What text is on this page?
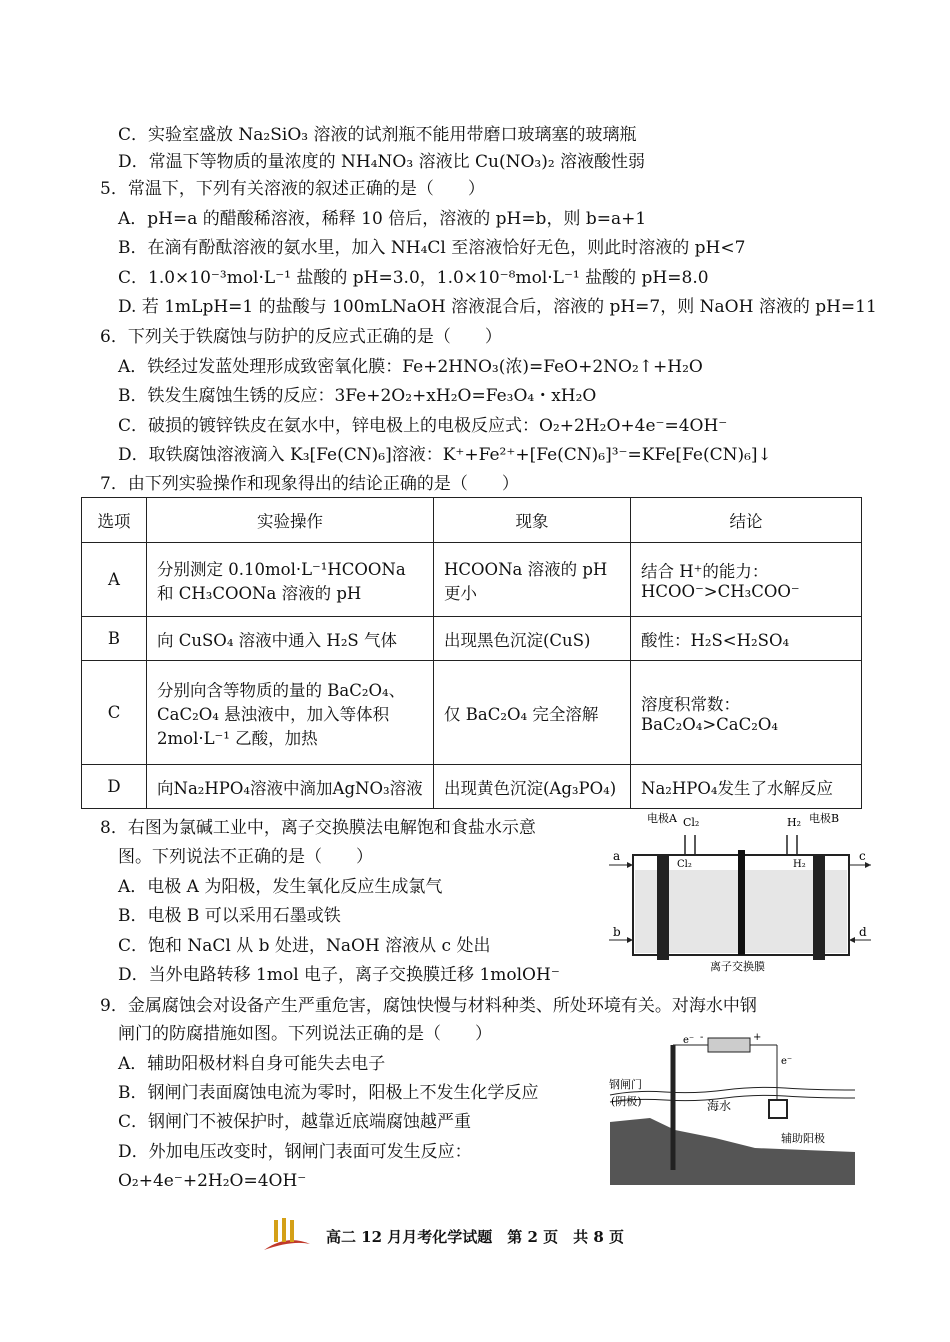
C．实验室盛放 Na₂SiO₃ 溶液的试剂瓶不能用带磨口玻璃塞的玻璃瓶
D．常温下等物质的量浓度的 NH₄NO₃ 溶液比 Cu(NO₃)₂ 溶液酸性弱
5．常温下，下列有关溶液的叙述正确的是（　　）
A．pH=a 的醋酸稀溶液，稀释 10 倍后，溶液的 pH=b，则 b=a+1
B．在滴有酚酞溶液的氨水里，加入 NH₄Cl 至溶液恰好无色，则此时溶液的 pH<7
C．1.0×10⁻³mol·L⁻¹ 盐酸的 pH=3.0，1.0×10⁻⁸mol·L⁻¹ 盐酸的 pH=8.0
D. 若 1mLpH=1 的盐酸与 100mLNaOH 溶液混合后，溶液的 pH=7，则 NaOH 溶液的 pH=11
6．下列关于铁腐蚀与防护的反应式正确的是（　　）
A．铁经过发蓝处理形成致密氧化膜：Fe+2HNO₃(浓)=FeO+2NO₂↑+H₂O
B．铁发生腐蚀生锈的反应：3Fe+2O₂+xH₂O=Fe₃O₄・xH₂O
C．破损的镀锌铁皮在氨水中，锌电极上的电极反应式：O₂+2H₂O+4e⁻=4OH⁻
D．取铁腐蚀溶液滴入 K₃[Fe(CN)₆]溶液：K⁺+Fe²⁺+[Fe(CN)₆]³⁻=KFe[Fe(CN)₆]↓
7．由下列实验操作和现象得出的结论正确的是（　　）
选项	实验操作	现象	结论
A	分别测定 0.10mol·L⁻¹HCOONa 和 CH₃COONa 溶液的 pH	HCOONa 溶液的 pH 更小	结合 H⁺的能力：HCOO⁻>CH₃COO⁻
B	向 CuSO₄ 溶液中通入 H₂S 气体	出现黑色沉淀(CuS)	酸性：H₂S<H₂SO₄
C	分别向含等物质的量的 BaC₂O₄、CaC₂O₄ 悬浊液中，加入等体积 2mol·L⁻¹ 乙酸，加热	仅 BaC₂O₄ 完全溶解	溶度积常数：BaC₂O₄>CaC₂O₄
D	向Na₂HPO₄溶液中滴加AgNO₃溶液	出现黄色沉淀(Ag₃PO₄)	Na₂HPO₄发生了水解反应
8．右图为氯碱工业中，离子交换膜法电解饱和食盐水示意
图。下列说法不正确的是（　　）
A．电极 A 为阳极，发生氧化反应生成氯气
B．电极 B 可以采用石墨或铁
C．饱和 NaCl 从 b 处进，NaOH 溶液从 c 处出
D．当外电路转移 1mol 电子，离子交换膜迁移 1molOH⁻
电极A Cl₂
Cl₂
H₂
H₂
电极B
a	c
b	d
离子交换膜
9．金属腐蚀会对设备产生严重危害，腐蚀快慢与材料种类、所处环境有关。对海水中钢
闸门的防腐措施如图。下列说法正确的是（　　）
A．辅助阳极材料自身可能失去电子
B．钢闸门表面腐蚀电流为零时，阳极上不发生化学反应
C．钢闸门不被保护时，越靠近底端腐蚀越严重
D．外加电压改变时，钢闸门表面可发生反应：
O₂+4e⁻+2H₂O=4OH⁻
e⁻
e⁻
-	+
钢闸门
(阴极)	海水
辅助阳极
高二 12 月月考化学试题　第 2 页　共 8 页
